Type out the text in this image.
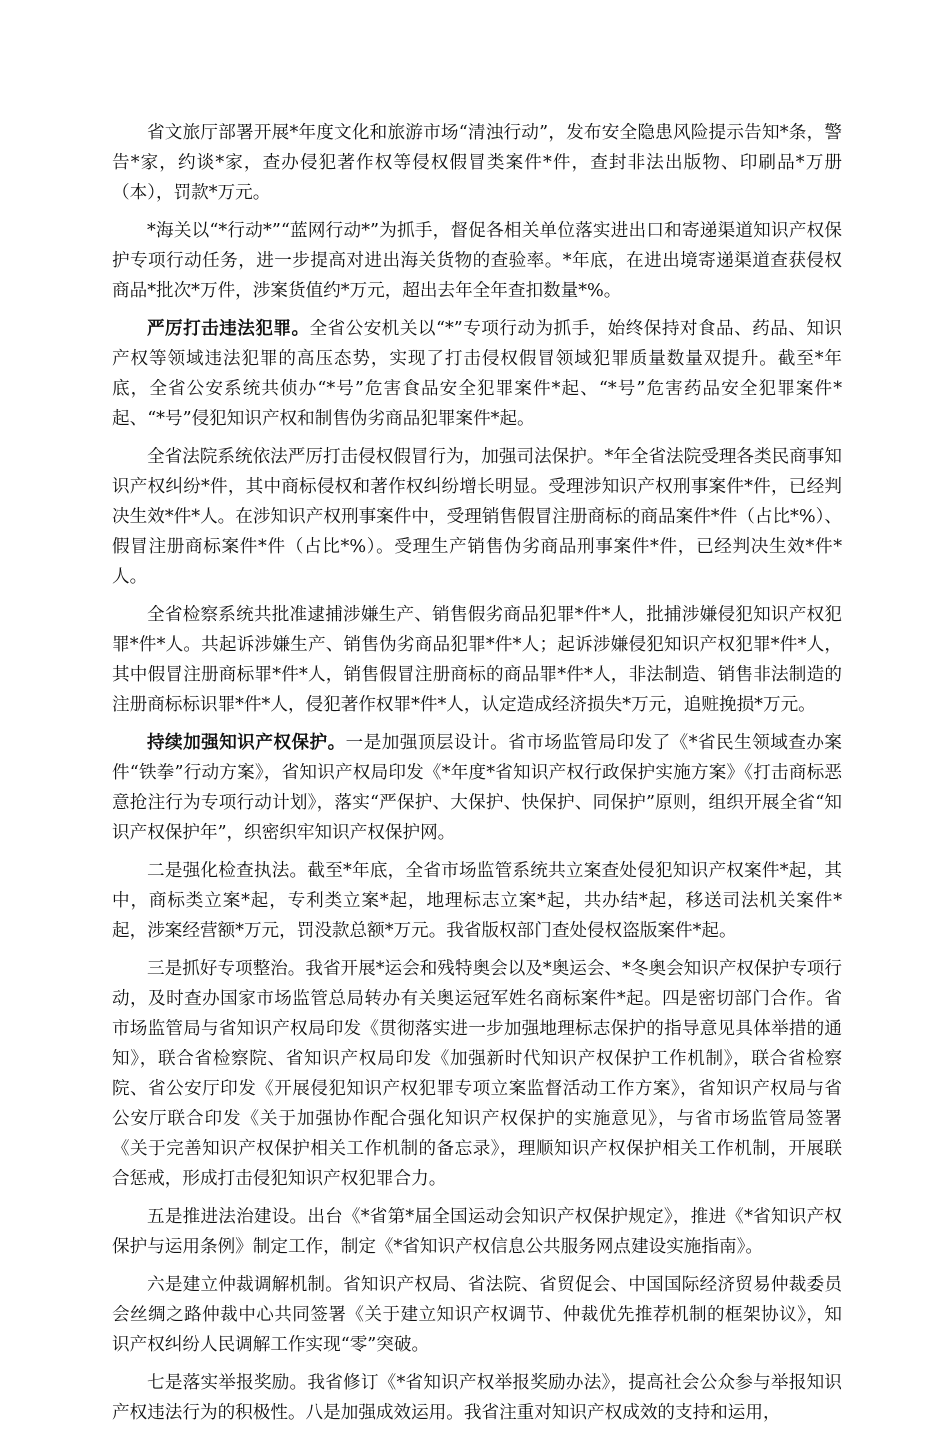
省文旅厅部署开展*年度文化和旅游市场“清浊行动”，发布安全隐患风险提示告知*条，警告*家，约谈*家，查办侵犯著作权等侵权假冒类案件*件，查封非法出版物、印刷品*万册（本），罚款*万元。

*海关以“*行动*”“蓝网行动*”为抓手，督促各相关单位落实进出口和寄递渠道知识产权保护专项行动任务，进一步提高对进出海关货物的查验率。*年底，在进出境寄递渠道查获侵权商品*批次*万件，涉案货值约*万元，超出去年全年查扣数量*%。

严厉打击违法犯罪。全省公安机关以“*”专项行动为抓手，始终保持对食品、药品、知识产权等领域违法犯罪的高压态势，实现了打击侵权假冒领域犯罪质量数量双提升。截至*年底，全省公安系统共侦办“*号”危害食品安全犯罪案件*起、“*号”危害药品安全犯罪案件*起、“*号”侵犯知识产权和制售伪劣商品犯罪案件*起。

全省法院系统依法严厉打击侵权假冒行为，加强司法保护。*年全省法院受理各类民商事知识产权纠纷*件，其中商标侵权和著作权纠纷增长明显。受理涉知识产权刑事案件*件，已经判决生效*件*人。在涉知识产权刑事案件中，受理销售假冒注册商标的商品案件*件（占比*%）、假冒注册商标案件*件（占比*%）。受理生产销售伪劣商品刑事案件*件，已经判决生效*件*人。

全省检察系统共批准逮捕涉嫌生产、销售假劣商品犯罪*件*人，批捕涉嫌侵犯知识产权犯罪*件*人。共起诉涉嫌生产、销售伪劣商品犯罪*件*人；起诉涉嫌侵犯知识产权犯罪*件*人，其中假冒注册商标罪*件*人，销售假冒注册商标的商品罪*件*人，非法制造、销售非法制造的注册商标标识罪*件*人，侵犯著作权罪*件*人，认定造成经济损失*万元，追赃挽损*万元。

持续加强知识产权保护。一是加强顶层设计。省市场监管局印发了《*省民生领域查办案件“铁拳”行动方案》，省知识产权局印发《*年度*省知识产权行政保护实施方案》《打击商标恶意抢注行为专项行动计划》，落实“严保护、大保护、快保护、同保护”原则，组织开展全省“知识产权保护年”，织密织牢知识产权保护网。

二是强化检查执法。截至*年底，全省市场监管系统共立案查处侵犯知识产权案件*起，其中，商标类立案*起，专利类立案*起，地理标志立案*起，共办结*起，移送司法机关案件*起，涉案经营额*万元，罚没款总额*万元。我省版权部门查处侵权盗版案件*起。

三是抓好专项整治。我省开展*运会和残特奥会以及*奥运会、*冬奥会知识产权保护专项行动，及时查办国家市场监管总局转办有关奥运冠军姓名商标案件*起。四是密切部门合作。省市场监管局与省知识产权局印发《贯彻落实进一步加强地理标志保护的指导意见具体举措的通知》，联合省检察院、省知识产权局印发《加强新时代知识产权保护工作机制》，联合省检察院、省公安厅印发《开展侵犯知识产权犯罪专项立案监督活动工作方案》，省知识产权局与省公安厅联合印发《关于加强协作配合强化知识产权保护的实施意见》，与省市场监管局签署《关于完善知识产权保护相关工作机制的备忘录》，理顺知识产权保护相关工作机制，开展联合惩戒，形成打击侵犯知识产权犯罪合力。

五是推进法治建设。出台《*省第*届全国运动会知识产权保护规定》，推进《*省知识产权保护与运用条例》制定工作，制定《*省知识产权信息公共服务网点建设实施指南》。

六是建立仲裁调解机制。省知识产权局、省法院、省贸促会、中国国际经济贸易仲裁委员会丝绸之路仲裁中心共同签署《关于建立知识产权调节、仲裁优先推荐机制的框架协议》，知识产权纠纷人民调解工作实现“零”突破。

七是落实举报奖励。我省修订《*省知识产权举报奖励办法》，提高社会公众参与举报知识产权违法行为的积极性。八是加强成效运用。我省注重对知识产权成效的支持和运用，
